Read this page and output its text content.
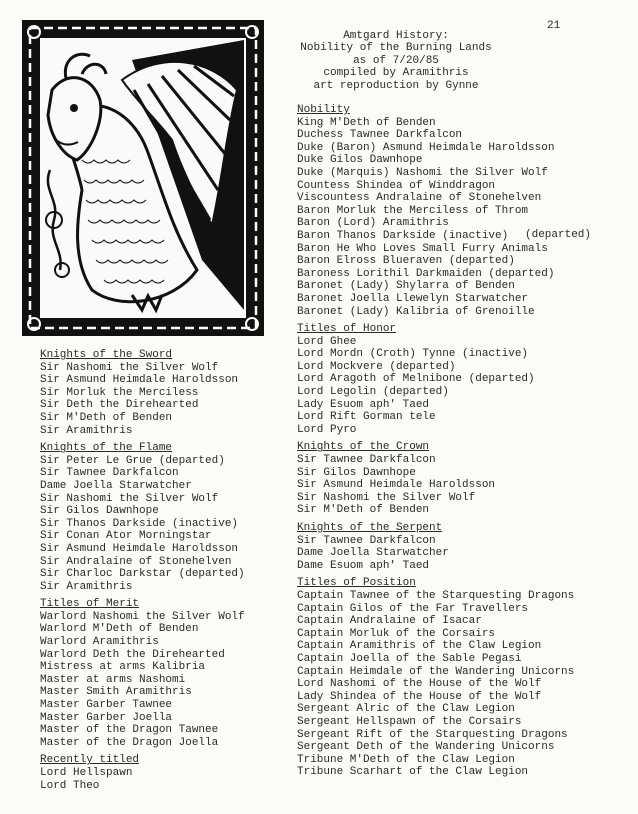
21
Amtgard History:
Nobility of the Burning Lands
as of 7/20/85
compiled by Aramithris
art reproduction by Gynne
(departed)
Nobility
King M'Deth of Benden
Duchess Tawnee Darkfalcon
Duke (Baron) Asmund Heimdale Haroldsson
Duke Gilos Dawnhope
Duke (Marquis) Nashomi the Silver Wolf
Countess Shindea of Winddragon
Viscountess Andralaine of Stonehelven
Baron Morluk the Merciless of Throm
Baron (Lord) Aramithris
Baron Thanos Darkside (inactive)
Baron He Who Loves Small Furry Animals
Baron Elross Blueraven (departed)
Baroness Lorithil Darkmaiden (departed)
Baronet (Lady) Shylarra of Benden
Baronet Joella Llewelyn Starwatcher
Baronet (Lady) Kalibria of Grenoille
Titles of Honor
Lord Ghee
Lord Mordn (Croth) Tynne (inactive)
Lord Mockvere (departed)
Lord Aragoth of Melnibone (departed)
Lord Legolin (departed)
Lady Esuom aph' Taed
Lord Rift Gorman tele
Lord Pyro
Knights of the Crown
Sir Tawnee Darkfalcon
Sir Gilos Dawnhope
Sir Asmund Heimdale Haroldsson
Sir Nashomi the Silver Wolf
Sir M'Deth of Benden
Knights of the Serpent
Sir Tawnee Darkfalcon
Dame Joella Starwatcher
Dame Esuom aph' Taed
Titles of Position
Captain Tawnee of the Starquesting Dragons
Captain Gilos of the Far Travellers
Captain Andralaine of Isacar
Captain Morluk of the Corsairs
Captain Aramithris of the Claw Legion
Captain Joella of the Sable Pegasi
Captain Heimdale of the Wandering Unicorns
Lord Nashomi of the House of the Wolf
Lady Shindea of the House of the Wolf
Sergeant Alric of the Claw Legion
Sergeant Hellspawn of the Corsairs
Sergeant Rift of the Starquesting Dragons
Sergeant Deth of the Wandering Unicorns
Tribune M'Deth of the Claw Legion
Tribune Scarhart of the Claw Legion
Knights of the Sword
Sir Nashomi the Silver Wolf
Sir Asmund Heimdale Haroldsson
Sir Morluk the Merciless
Sir Deth the Direhearted
Sir M'Deth of Benden
Sir Aramithris
Knights of the Flame
Sir Peter Le Grue (departed)
Sir Tawnee Darkfalcon
Dame Joella Starwatcher
Sir Nashomi the Silver Wolf
Sir Gilos Dawnhope
Sir Thanos Darkside (inactive)
Sir Conan Ator Morningstar
Sir Asmund Heimdale Haroldsson
Sir Andralaine of Stonehelven
Sir Charloc Darkstar (departed)
Sir Aramithris
Titles of Merit
Warlord Nashomi the Silver Wolf
Warlord M'Deth of Benden
Warlord Aramithris
Warlord Deth the Direhearted
Mistress at arms Kalibria
Master at arms Nashomi
Master Smith Aramithris
Master Garber Tawnee
Master Garber Joella
Master of the Dragon Tawnee
Master of the Dragon Joella
Recently titled
Lord Hellspawn
Lord Theo
